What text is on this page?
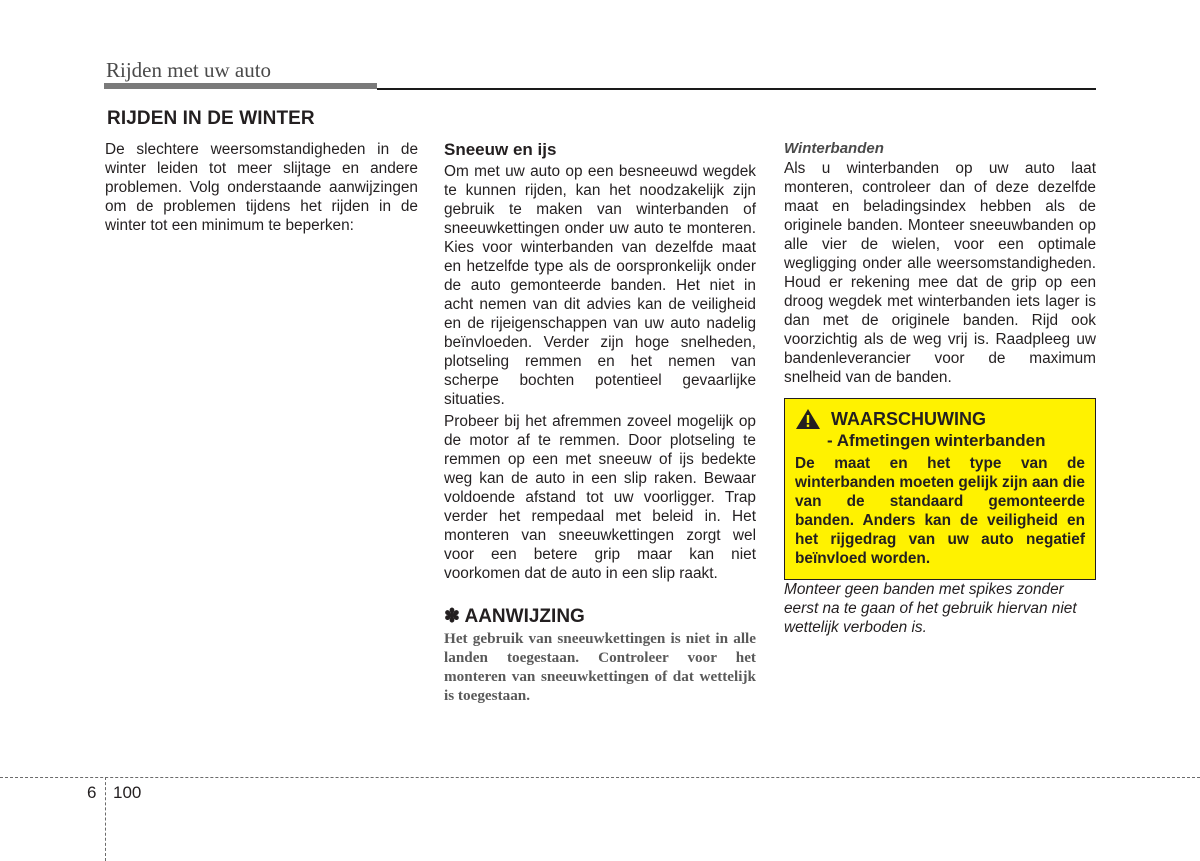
Rijden met uw auto
RIJDEN IN DE WINTER

De slechtere weersomstandigheden in de winter leiden tot meer slijtage en andere problemen. Volg onderstaande aanwijzingen om de problemen tijdens het rijden in de winter tot een minimum te beperken:

Sneeuw en ijs

Om met uw auto op een besneeuwd wegdek te kunnen rijden, kan het noodzakelijk zijn gebruik te maken van winterbanden of sneeuwkettingen onder uw auto te monteren. Kies voor winterbanden van dezelfde maat en hetzelfde type als de oorspronkelijk onder de auto gemonteerde banden. Het niet in acht nemen van dit advies kan de veiligheid en de rijeigenschappen van uw auto nadelig beïnvloeden. Verder zijn hoge snelheden, plotseling remmen en het nemen van scherpe bochten potentieel gevaarlijke situaties.

Probeer bij het afremmen zoveel mogelijk op de motor af te remmen. Door plotseling te remmen op een met sneeuw of ijs bedekte weg kan de auto in een slip raken. Bewaar voldoende afstand tot uw voorligger. Trap verder het rempedaal met beleid in. Het monteren van sneeuwkettingen zorgt wel voor een betere grip maar kan niet voorkomen dat de auto in een slip raakt.

✽ AANWIJZING
Het gebruik van sneeuwkettingen is niet in alle landen toegestaan. Controleer voor het monteren van sneeuwkettingen of dat wettelijk is toegestaan.
Winterbanden

Als u winterbanden op uw auto laat monteren, controleer dan of deze dezelfde maat en beladingsindex hebben als de originele banden. Monteer sneeuwbanden op alle vier de wielen, voor een optimale wegligging onder alle weersomstandigheden. Houd er rekening mee dat de grip op een droog wegdek met winterbanden iets lager is dan met de originele banden. Rijd ook voorzichtig als de weg vrij is. Raadpleeg uw bandenleverancier voor de maximum snelheid van de banden.

WAARSCHUWING
- Afmetingen winterbanden
De maat en het type van de winterbanden moeten gelijk zijn aan die van de standaard gemonteerde banden. Anders kan de veiligheid en het rijgedrag van uw auto negatief beïnvloed worden.

Monteer geen banden met spikes zonder eerst na te gaan of het gebruik hiervan niet wettelijk verboden is.

6 100
